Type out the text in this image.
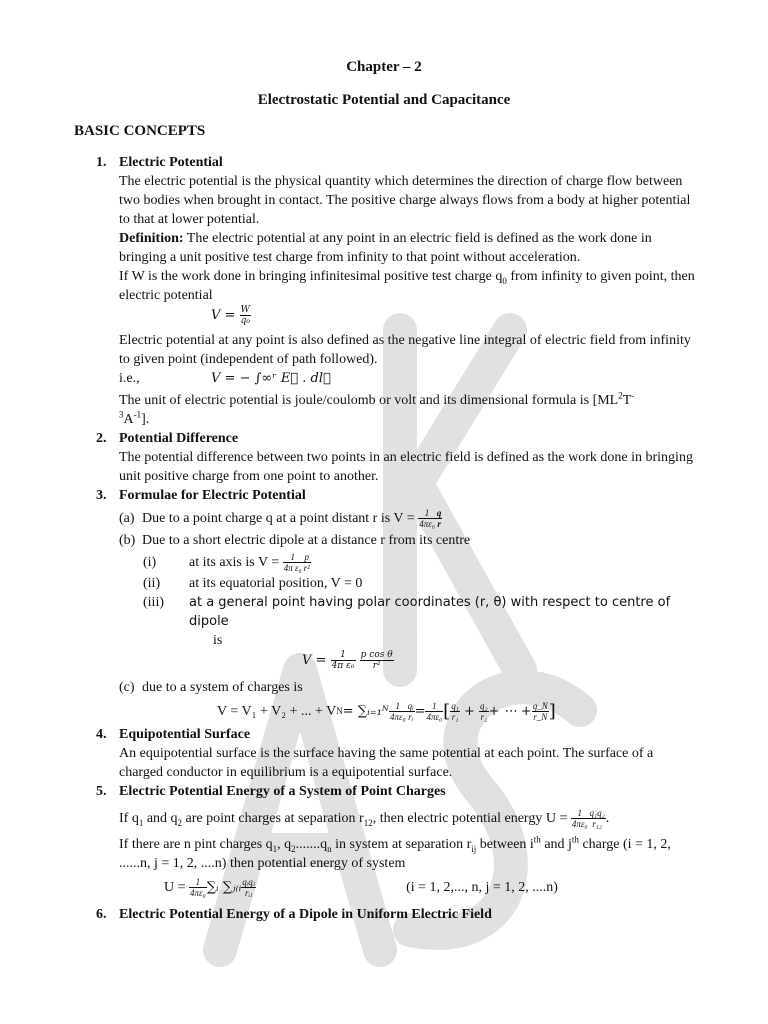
Chapter – 2
Electrostatic Potential and Capacitance
BASIC CONCEPTS
1. Electric Potential

The electric potential is the physical quantity which determines the direction of charge flow between two bodies when brought in contact. The positive charge always flows from a body at higher potential to that at lower potential.

Definition: The electric potential at any point in an electric field is defined as the work done in bringing a unit positive test charge from infinity to that point without acceleration.

If W is the work done in bringing infinitesimal positive test charge $q_0$ from infinity to given point, then electric potential

$V = \frac{W}{\text{q₀}}$

Electric potential at any point is also defined as the negative line integral of electric field from infinity to given point (independent of path followed).

i.e.,	V = − ∫∞ʳ E⃗ . dl⃗

The unit of electric potential is joule/coulomb or volt and its dimensional formula is [$ML^2T^-$
$^3A^{-1}$].

2. Potential Difference

The potential difference between two points in an electric field is defined as the work done in bringing unit positive charge from one point to another.

3. Formulae for Electric Potential
(a) Due to a point charge q at a point distant r is V =
$\frac{1}{\text{4πε₀}} \frac{q}{r}$
(b) Due to a short electric dipole at a distance r from its centre
(i)	at its axis is V =
$\frac{1}{\text{4π ε₀}} \frac{p}{\text{r²}}$
(ii)	at its equatorial position, V = 0
(iii)	at a general point having polar coordinates (r, θ) with respect to centre of dipole
is
$V = \frac{1}{\text{4π ε₀}}$
$\frac{\text{p cos θ}}{\text{r²}}$
(c) due to a system of charges is
V = V₁ + V₂ + ... + V N = ∑ᵢ₌₁ᴺ $\frac{1}{\text{4πε₀}} \frac{\text{qᵢ}}{\text{rᵢ}} = \frac{1}{\text{4πε₀}}$ [ $\frac{\text{q₁}}{\text{r₁}} + \frac{\text{q₂}}{\text{r₂}}$ + ⋯ + $\frac{q\_N}{r\_N}$ ]
4. Equipotential Surface

An equipotential surface is the surface having the same potential at each point. The surface of a charged conductor in equilibrium is a equipotential surface.

5. Electric Potential Energy of a System of Point Charges

If $q_1$ and $q_2$ are point charges at separation $r_{12}$, then electric potential energy U =
$\frac{1}{\text{4πε₀}} \frac{\text{q₁q₂}}{\text{r₁₂}}$ .

If there are n pint charges $q_1$, $q_2.......q_n$ in system at separation $r_{ij}$ between $i^{th}$ and $j^{th}$ charge (i = 1, 2, ......n, j = 1, 2, ....n) then potential energy of system

U =
$\frac{1}{\text{4πε₀}}$ ∑ᵢ ∑ⱼ₍ᵢ $\frac{\text{qᵢqⱼ}}{\text{rᵢⱼ}}$	(i = 1, 2,..., n, j = 1, 2, ....n)
6. Electric Potential Energy of a Dipole in Uniform Electric Field
